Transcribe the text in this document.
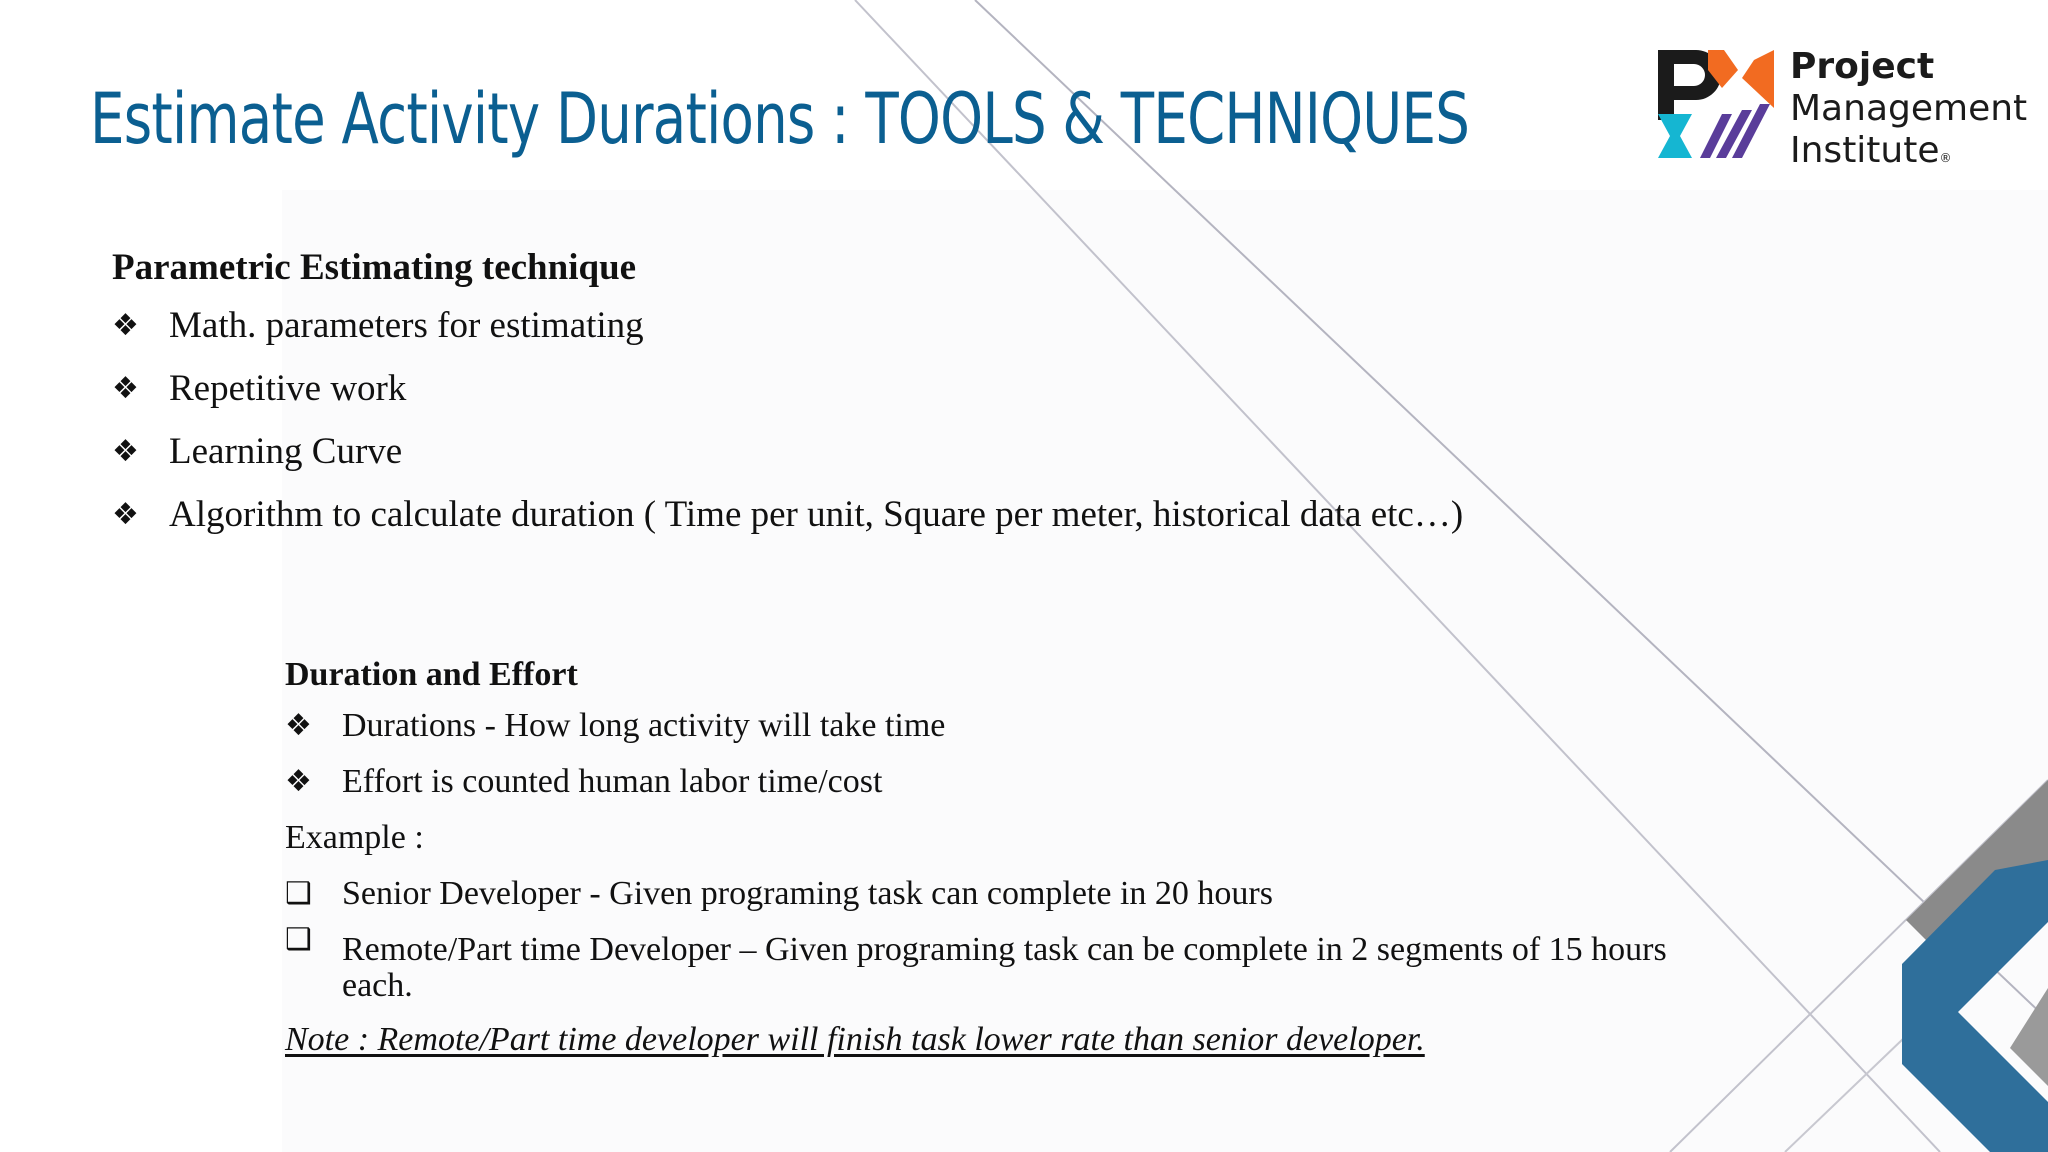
Estimate Activity Durations : TOOLS & TECHNIQUES
Project
Management
Institute®

Parametric Estimating technique

❖ Math. parameters for estimating
❖ Repetitive work
❖ Learning Curve
❖ Algorithm to calculate duration ( Time per unit, Square per meter, historical data etc…)

Duration and Effort

❖ Durations - How long activity will take time
❖ Effort is counted human labor time/cost

Example :

❑ Senior Developer - Given programing task can complete in 20 hours
❑ Remote/Part time Developer – Given programing task can be complete in 2 segments of 15 hours each.

Note : Remote/Part time developer will finish task lower rate than senior developer.
